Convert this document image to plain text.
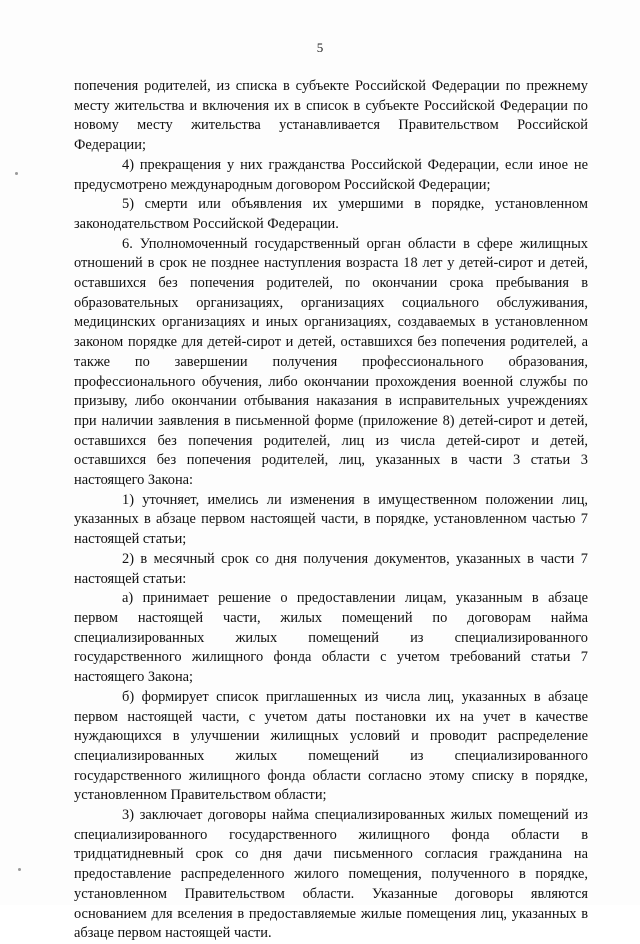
5

попечения родителей, из списка в субъекте Российской Федерации по прежнему месту жительства и включения их в список в субъекте Российской Федерации по новому месту жительства устанавливается Правительством Российской Федерации;

4) прекращения у них гражданства Российской Федерации, если иное не предусмотрено международным договором Российской Федерации;

5) смерти или объявления их умершими в порядке, установленном законодательством Российской Федерации.

6. Уполномоченный государственный орган области в сфере жилищных отношений в срок не позднее наступления возраста 18 лет у детей-сирот и детей, оставшихся без попечения родителей, по окончании срока пребывания в образовательных организациях, организациях социального обслуживания, медицинских организациях и иных организациях, создаваемых в установленном законом порядке для детей-сирот и детей, оставшихся без попечения родителей, а также по завершении получения профессионального образования, профессионального обучения, либо окончании прохождения военной службы по призыву, либо окончании отбывания наказания в исправительных учреждениях при наличии заявления в письменной форме (приложение 8) детей-сирот и детей, оставшихся без попечения родителей, лиц из числа детей-сирот и детей, оставшихся без попечения родителей, лиц, указанных в части 3 статьи 3 настоящего Закона:

1) уточняет, имелись ли изменения в имущественном положении лиц, указанных в абзаце первом настоящей части, в порядке, установленном частью 7 настоящей статьи;

2) в месячный срок со дня получения документов, указанных в части 7 настоящей статьи:

а) принимает решение о предоставлении лицам, указанным в абзаце первом настоящей части, жилых помещений по договорам найма специализированных жилых помещений из специализированного государственного жилищного фонда области с учетом требований статьи 7 настоящего Закона;

б) формирует список приглашенных из числа лиц, указанных в абзаце первом настоящей части, с учетом даты постановки их на учет в качестве нуждающихся в улучшении жилищных условий и проводит распределение специализированных жилых помещений из специализированного государственного жилищного фонда области согласно этому списку в порядке, установленном Правительством области;

3) заключает договоры найма специализированных жилых помещений из специализированного государственного жилищного фонда области в тридцатидневный срок со дня дачи письменного согласия гражданина на предоставление распределенного жилого помещения, полученного в порядке, установленном Правительством области. Указанные договоры являются основанием для вселения в предоставляемые жилые помещения лиц, указанных в абзаце первом настоящей части.
